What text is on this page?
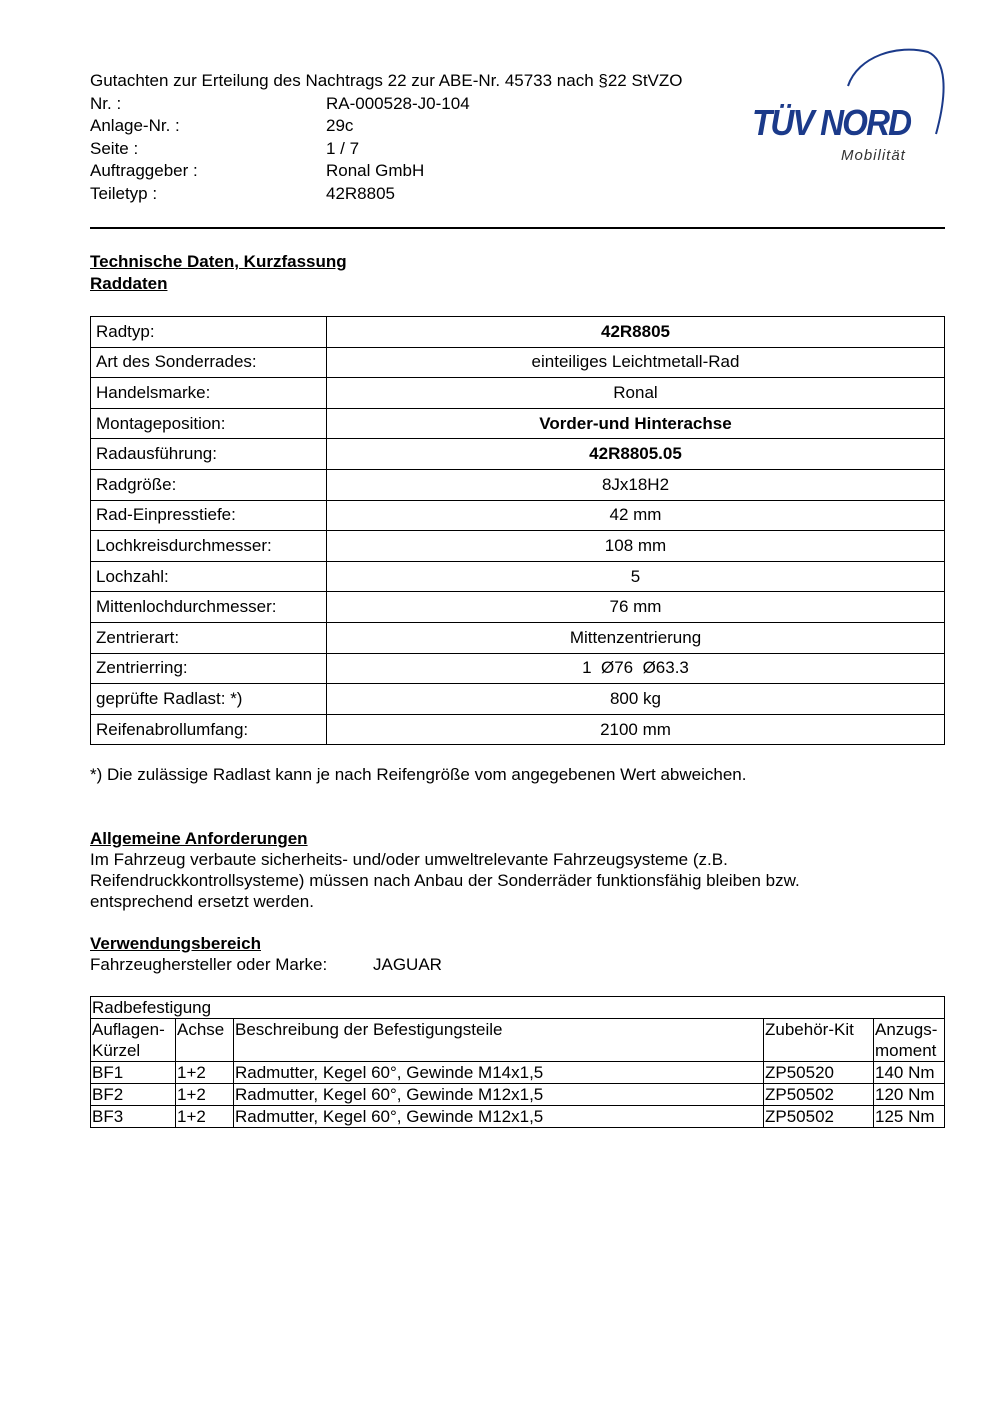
Gutachten zur Erteilung des Nachtrags 22 zur ABE-Nr. 45733 nach §22 StVZO
Nr. :	RA-000528-J0-104
Anlage-Nr. :	29c
Seite :	1 / 7
Auftraggeber :	Ronal GmbH
Teiletyp :	42R8805
TÜV NORD
Mobilität
Technische Daten, Kurzfassung
Raddaten
Radtyp:	42R8805
Art des Sonderrades:	einteiliges Leichtmetall-Rad
Handelsmarke:	Ronal
Montageposition:	Vorder-und Hinterachse
Radausführung:	42R8805.05
Radgröße:	8Jx18H2
Rad-Einpresstiefe:	42 mm
Lochkreisdurchmesser:	108 mm
Lochzahl:	5
Mittenlochdurchmesser:	76 mm
Zentrierart:	Mittenzentrierung
Zentrierring:	1  Ø76  Ø63.3
geprüfte Radlast: *)	800 kg
Reifenabrollumfang:	2100 mm
*) Die zulässige Radlast kann je nach Reifengröße vom angegebenen Wert abweichen.
Allgemeine Anforderungen
Im Fahrzeug verbaute sicherheits- und/oder umweltrelevante Fahrzeugsysteme (z.B. Reifendruckkontrollsysteme) müssen nach Anbau der Sonderräder funktionsfähig bleiben bzw. entsprechend ersetzt werden.
Verwendungsbereich
Fahrzeughersteller oder Marke:	JAGUAR
Radbefestigung				
Auflagen-Kürzel	Achse	Beschreibung der Befestigungsteile	Zubehör-Kit	Anzugs-moment
BF1	1+2	Radmutter, Kegel 60°, Gewinde M14x1,5	ZP50520	140 Nm
BF2	1+2	Radmutter, Kegel 60°, Gewinde M12x1,5	ZP50502	120 Nm
BF3	1+2	Radmutter, Kegel 60°, Gewinde M12x1,5	ZP50502	125 Nm
